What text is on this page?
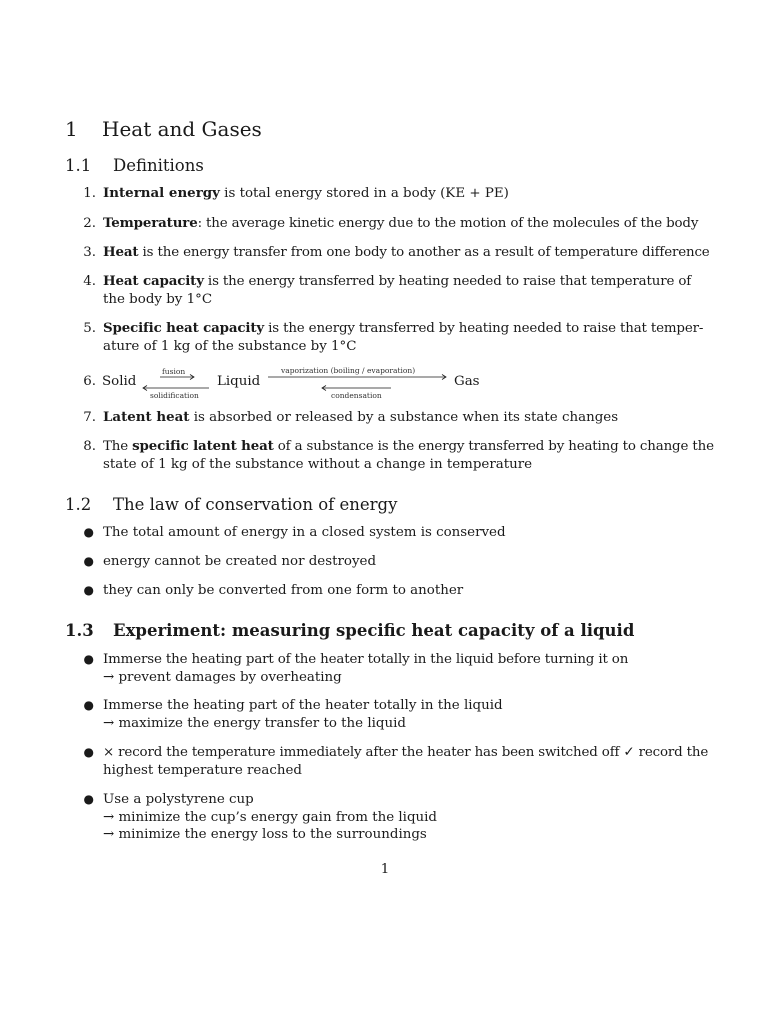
1 Heat and Gases
1.1 Definitions
1. Internal energy is total energy stored in a body (KE + PE)
2. Temperature: the average kinetic energy due to the motion of the molecules of the body
3. Heat is the energy transfer from one body to another as a result of temperature difference
4. Heat capacity is the energy transferred by heating needed to raise that temperature of
the body by 1°C
5. Specific heat capacity is the energy transferred by heating needed to raise that temper-
ature of 1 kg of the substance by 1°C
6. Solid
fusion
solidification
Liquid
vaporization (boiling / evaporation)
condensation
Gas
7. Latent heat is absorbed or released by a substance when its state changes
8. The specific latent heat of a substance is the energy transferred by heating to change the
state of 1 kg of the substance without a change in temperature
1.2 The law of conservation of energy
● The total amount of energy in a closed system is conserved
● energy cannot be created nor destroyed
● they can only be converted from one form to another
1.3 Experiment: measuring specific heat capacity of a liquid
● Immerse the heating part of the heater totally in the liquid before turning it on
→ prevent damages by overheating
● Immerse the heating part of the heater totally in the liquid
→ maximize the energy transfer to the liquid
● × record the temperature immediately after the heater has been switched off ✓ record the
highest temperature reached
● Use a polystyrene cup
→ minimize the cup’s energy gain from the liquid
→ minimize the energy loss to the surroundings
1
